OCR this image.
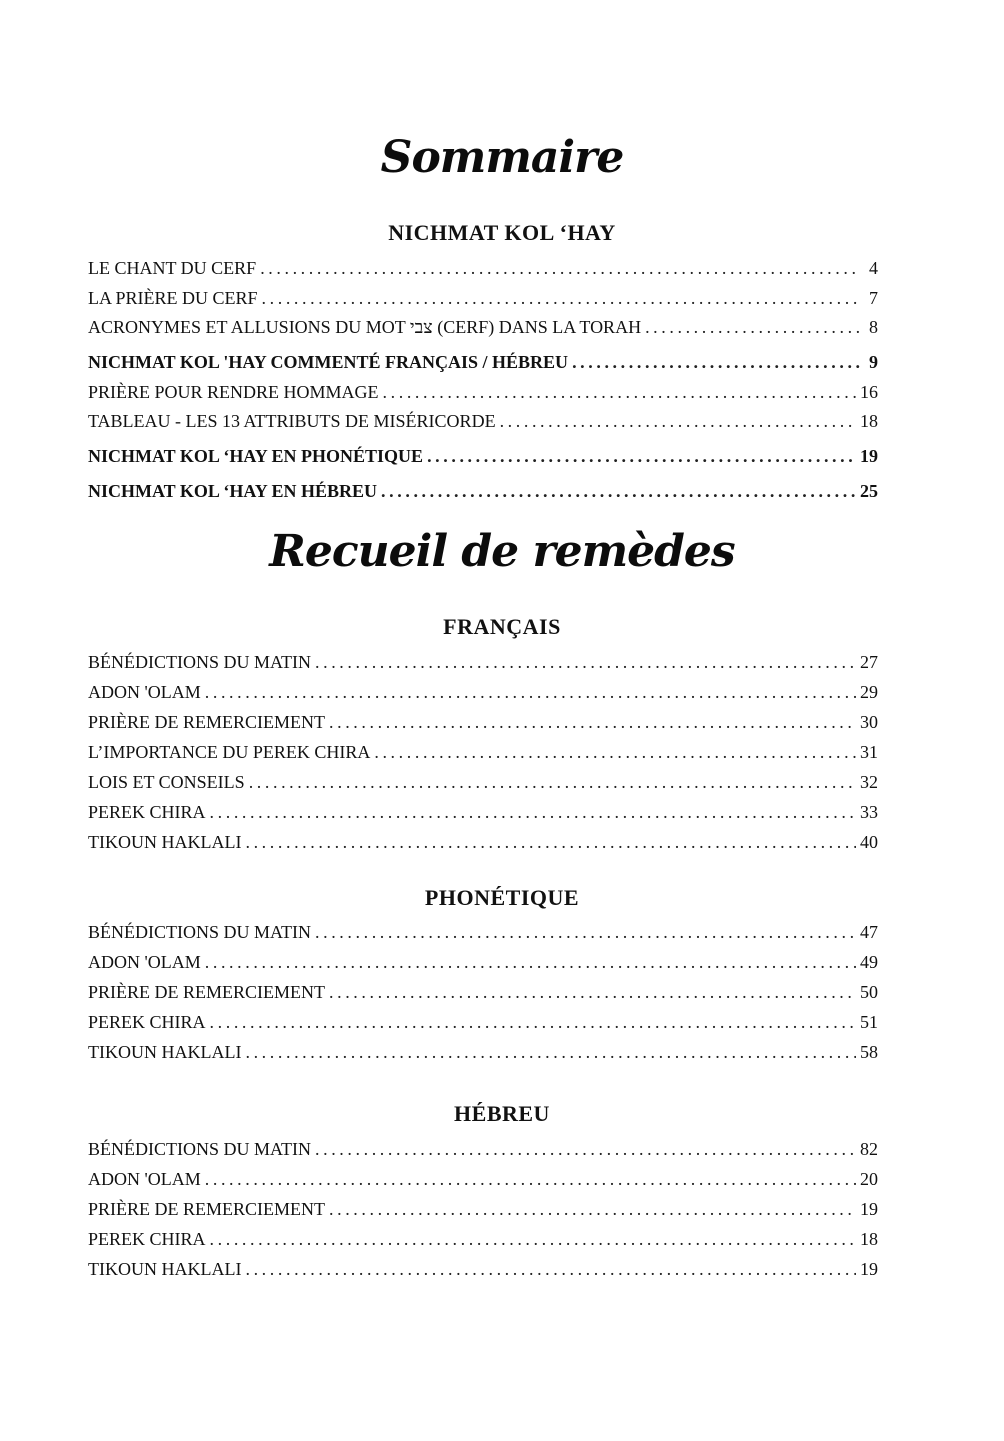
Sommaire
NICHMAT KOL ‘HAY
LE CHANT DU CERF .....	4
LA PRIÈRE DU CERF .....	7
ACRONYMES ET ALLUSIONS DU MOT צבי (CERF) DANS LA TORAH .....	8
NICHMAT KOL 'HAY COMMENTÉ FRANÇAIS / HÉBREU .....	9
PRIÈRE POUR RENDRE HOMMAGE .....	16
TABLEAU - LES 13 ATTRIBUTS DE MISÉRICORDE .....	18
NICHMAT KOL ‘HAY EN PHONÉTIQUE .....	19
NICHMAT KOL ‘HAY EN HÉBREU .....	25
Recueil de remèdes
FRANÇAIS
BÉNÉDICTIONS DU MATIN .....	27
ADON 'OLAM .....	29
PRIÈRE DE REMERCIEMENT .....	30
L’IMPORTANCE DU PEREK CHIRA .....	31
LOIS ET CONSEILS .....	32
PEREK CHIRA .....	33
TIKOUN HAKLALI .....	40
PHONÉTIQUE
BÉNÉDICTIONS DU MATIN .....	47
ADON 'OLAM .....	49
PRIÈRE DE REMERCIEMENT .....	50
PEREK CHIRA .....	51
TIKOUN HAKLALI .....	58
HÉBREU
BÉNÉDICTIONS DU MATIN .....	82
ADON 'OLAM .....	20
PRIÈRE DE REMERCIEMENT .....	19
PEREK CHIRA .....	18
TIKOUN HAKLALI .....	19
